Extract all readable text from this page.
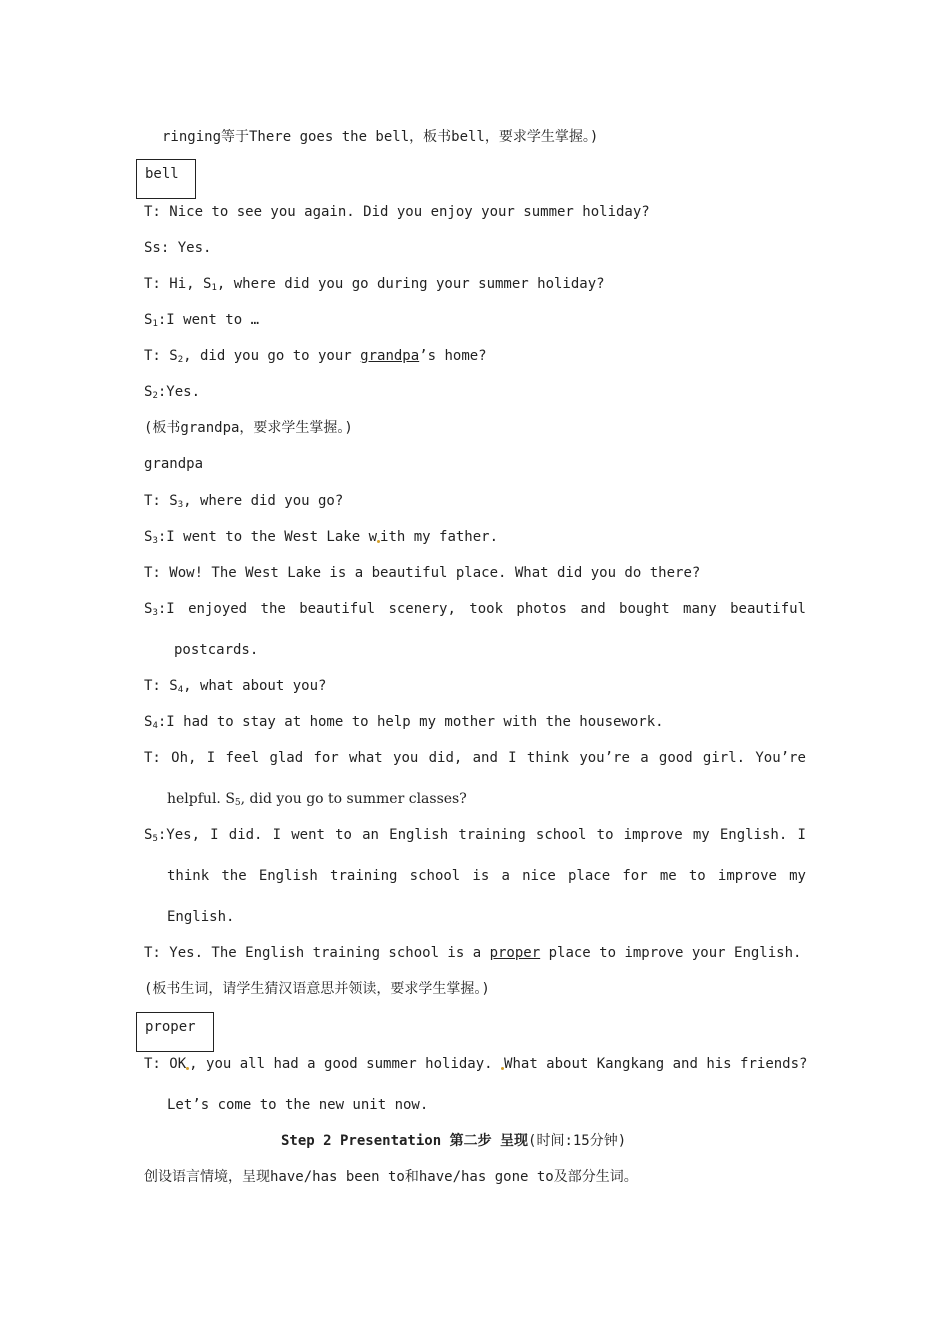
ringing等于There goes the bell，板书bell，要求学生掌握。)
bell
T: Nice to see you again. Did you enjoy your summer holiday?
Ss: Yes.
T: Hi, $S_1$, where did you go during your summer holiday?
$S_1:I$ went to …
T: $S_2$, did you go to your grandpa’s home?
$S_2:Yes$.
(板书grandpa，要求学生掌握。)
grandpa
T: $S_3$, where did you go?
$S_3:I$ went to the West Lake w ith my father.
T: Wow! The West Lake is a beautiful place. What did you do there?
$S_3:I$ enjoyed the beautiful scenery, took photos and bought many beautiful
postcards.
T: $S_4$, what about you?
$S_4:I$ had to stay at home to help my mother with the housework.
T: Oh, I feel glad for what you did, and I think you’re a good girl. You’re
helpful. $S_5$, did you go to summer classes?
$S_5:Yes$, I did. I went to an English training school to improve my English. I
think the English training school is a nice place for me to improve my
English.
T: Yes. The English training school is a proper place to improve your English.
(板书生词，请学生猜汉语意思并领读，要求学生掌握。)
proper
T: OK , you all had a good summer holiday. What about Kangkang and his friends?
Let’s come to the new unit now.
Step 2 Presentation 第二步 呈现(时间:15分钟)
创设语言情境，呈现have/has been to和have/has gone to及部分生词。
